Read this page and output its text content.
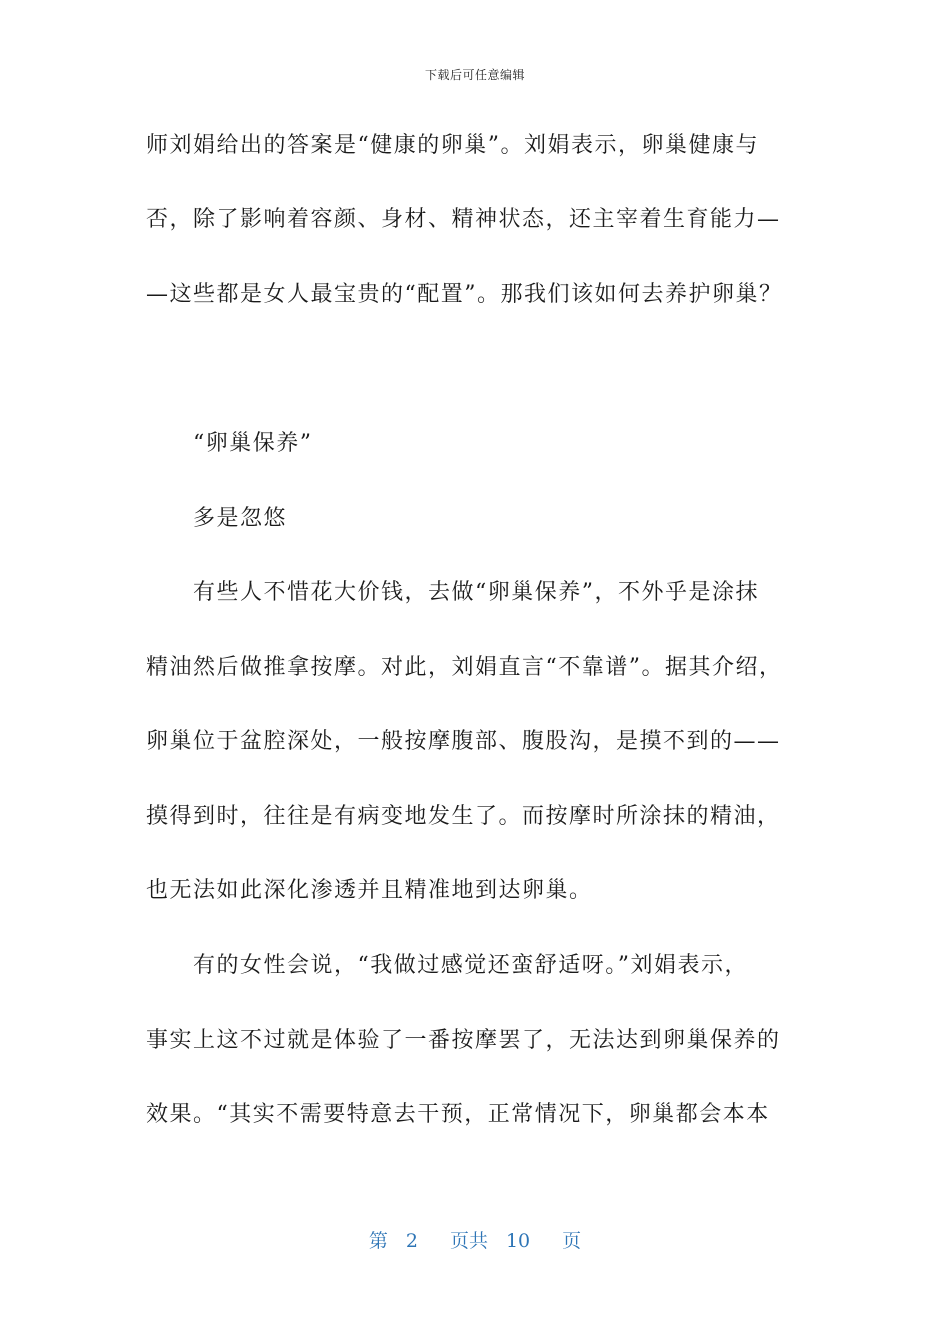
下载后可任意编辑
师刘娟给出的答案是“健康的卵巢”。刘娟表示，卵巢健康与
否，除了影响着容颜、身材、精神状态，还主宰着生育能力—
—这些都是女人最宝贵的“配置”。那我们该如何去养护卵巢？
“卵巢保养”
多是忽悠
有些人不惜花大价钱，去做“卵巢保养”，不外乎是涂抹
精油然后做推拿按摩。对此，刘娟直言“不靠谱”。据其介绍，
卵巢位于盆腔深处，一般按摩腹部、腹股沟，是摸不到的——
摸得到时，往往是有病变地发生了。而按摩时所涂抹的精油，
也无法如此深化渗透并且精准地到达卵巢。
有的女性会说，“我做过感觉还蛮舒适呀。”刘娟表示，
事实上这不过就是体验了一番按摩罢了，无法达到卵巢保养的
效果。“其实不需要特意去干预，正常情况下，卵巢都会本本
第 2 页共 10 页
